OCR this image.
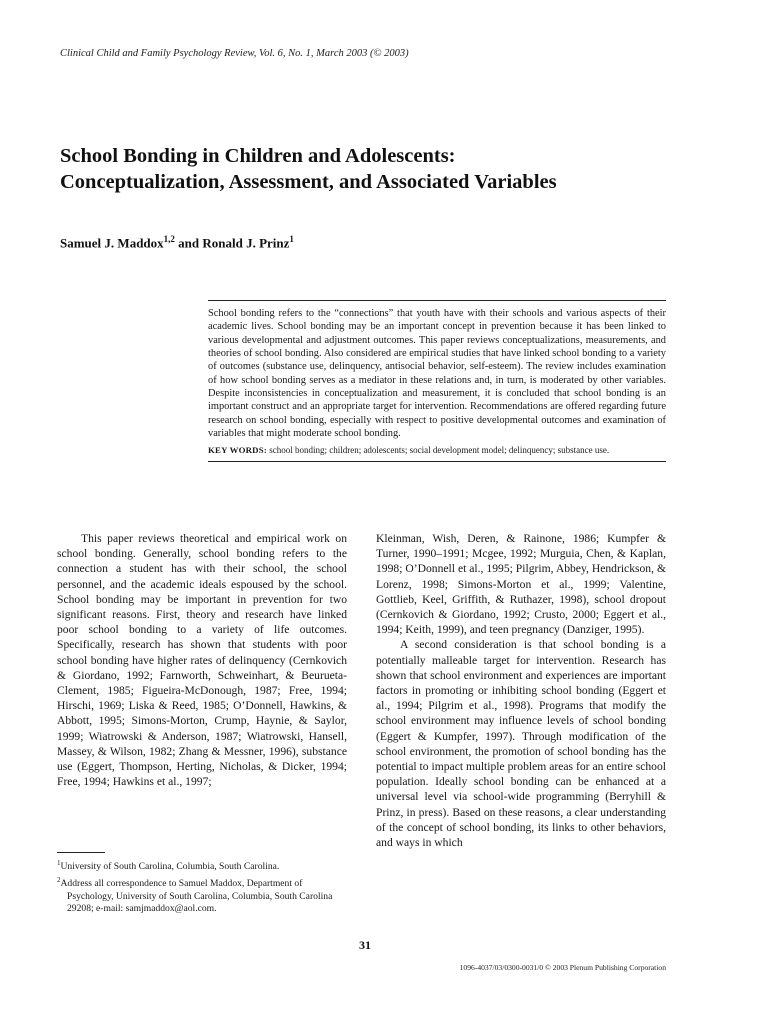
Clinical Child and Family Psychology Review, Vol. 6, No. 1, March 2003 (© 2003)
School Bonding in Children and Adolescents:
Conceptualization, Assessment, and Associated Variables
Samuel J. Maddox$^{1,2}$ and Ronald J. Prinz$^1$
School bonding refers to the “connections” that youth have with their schools and various aspects of their academic lives. School bonding may be an important concept in prevention because it has been linked to various developmental and adjustment outcomes. This paper reviews conceptualizations, measurements, and theories of school bonding. Also considered are empirical studies that have linked school bonding to a variety of outcomes (substance use, delinquency, antisocial behavior, self-esteem). The review includes examination of how school bonding serves as a mediator in these relations and, in turn, is moderated by other variables. Despite inconsistencies in conceptualization and measurement, it is concluded that school bonding is an important construct and an appropriate target for intervention. Recommendations are offered regarding future research on school bonding, especially with respect to positive developmental outcomes and examination of variables that might moderate school bonding.
KEY WORDS: school bonding; children; adolescents; social development model; delinquency; substance use.

This paper reviews theoretical and empirical work on school bonding. Generally, school bonding refers to the connection a student has with their school, the school personnel, and the academic ideals espoused by the school. School bonding may be important in prevention for two significant reasons. First, theory and research have linked poor school bonding to a variety of life outcomes. Specifically, research has shown that students with poor school bonding have higher rates of delinquency (Cernkovich & Giordano, 1992; Farnworth, Schweinhart, & Beurueta-Clement, 1985; Figueira-McDonough, 1987; Free, 1994; Hirschi, 1969; Liska & Reed, 1985; O’Donnell, Hawkins, & Abbott, 1995; Simons-Morton, Crump, Haynie, & Saylor, 1999; Wiatrowski & Anderson, 1987; Wiatrowski, Hansell, Massey, & Wilson, 1982; Zhang & Messner, 1996), substance use (Eggert, Thompson, Herting, Nicholas, & Dicker, 1994; Free, 1994; Hawkins et al., 1997;

Kleinman, Wish, Deren, & Rainone, 1986; Kumpfer & Turner, 1990–1991; Mcgee, 1992; Murguia, Chen, & Kaplan, 1998; O’Donnell et al., 1995; Pilgrim, Abbey, Hendrickson, & Lorenz, 1998; Simons-Morton et al., 1999; Valentine, Gottlieb, Keel, Griffith, & Ruthazer, 1998), school dropout (Cernkovich & Giordano, 1992; Crusto, 2000; Eggert et al., 1994; Keith, 1999), and teen pregnancy (Danziger, 1995).

A second consideration is that school bonding is a potentially malleable target for intervention. Research has shown that school environment and experiences are important factors in promoting or inhibiting school bonding (Eggert et al., 1994; Pilgrim et al., 1998). Programs that modify the school environment may influence levels of school bonding (Eggert & Kumpfer, 1997). Through modification of the school environment, the promotion of school bonding has the potential to impact multiple problem areas for an entire school population. Ideally school bonding can be enhanced at a universal level via school-wide programming (Berryhill & Prinz, in press). Based on these reasons, a clear understanding of the concept of school bonding, its links to other behaviors, and ways in which

$^1$University of South Carolina, Columbia, South Carolina.
$^2$Address all correspondence to Samuel Maddox, Department of Psychology, University of South Carolina, Columbia, South Carolina 29208; e-mail: samjmaddox@aol.com.
31
1096-4037/03/0300-0031/0 © 2003 Plenum Publishing Corporation
